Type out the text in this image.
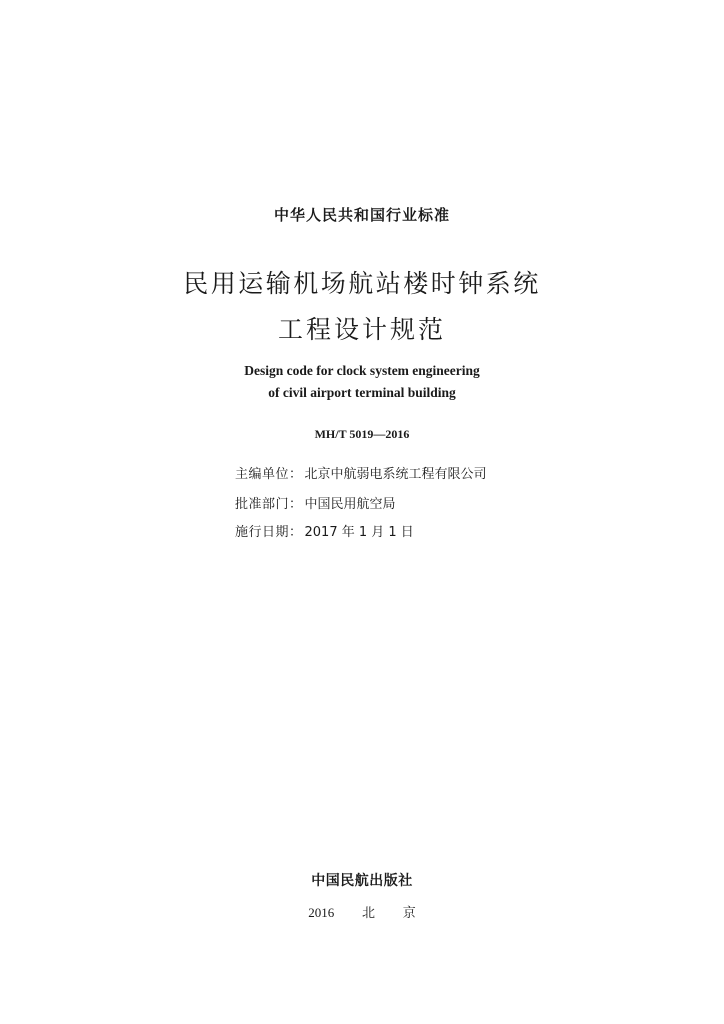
中华人民共和国行业标准
民用运输机场航站楼时钟系统
工程设计规范
Design code for clock system engineering
of civil airport terminal building
MH/T 5019—2016
主编单位： 北京中航弱电系统工程有限公司
批准部门： 中国民用航空局
施行日期： 2017 年 1 月 1 日
中国民航出版社
2016   北   京
